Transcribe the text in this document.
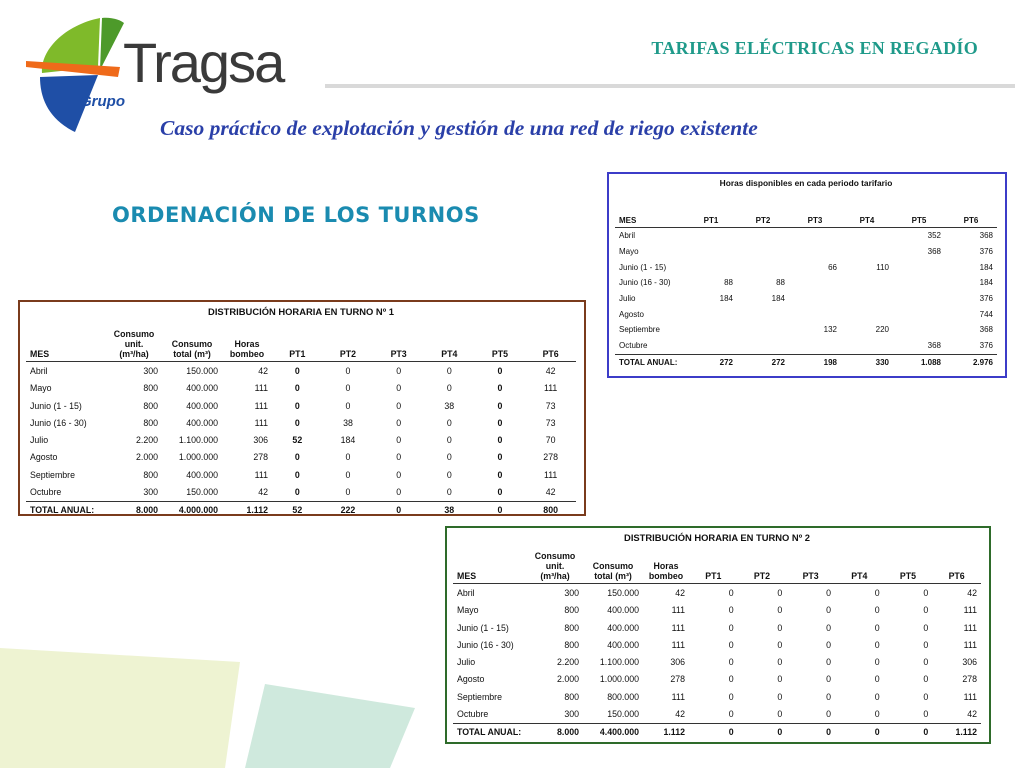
Tragsa
Grupo
TARIFAS ELÉCTRICAS EN REGADÍO
Caso práctico de explotación y gestión de una red de riego existente
ORDENACIÓN DE LOS TURNOS
DISTRIBUCIÓN HORARIA EN TURNO Nº 1
MES	Consumo unit. (m³/ha)	Consumo total (m³)	Horas bombeo	PT1	PT2	PT3	PT4	PT5	PT6
Abril	300	150.000	42	0	0	0	0	0	42
Mayo	800	400.000	111	0	0	0	0	0	111
Junio (1 - 15)	800	400.000	111	0	0	0	38	0	73
Junio (16 - 30)	800	400.000	111	0	38	0	0	0	73
Julio	2.200	1.100.000	306	52	184	0	0	0	70
Agosto	2.000	1.000.000	278	0	0	0	0	0	278
Septiembre	800	400.000	111	0	0	0	0	0	111
Octubre	300	150.000	42	0	0	0	0	0	42
TOTAL ANUAL:	8.000	4.000.000	1.112	52	222	0	38	0	800
Horas disponibles en cada periodo tarifario
MES	PT1	PT2	PT3	PT4	PT5	PT6
Abril					352	368
Mayo					368	376
Junio (1 - 15)			66	110		184
Junio (16 - 30)	88	88				184
Julio	184	184				376
Agosto						744
Septiembre			132	220		368
Octubre					368	376
TOTAL ANUAL:	272	272	198	330	1.088	2.976
DISTRIBUCIÓN HORARIA EN TURNO Nº 2
MES	Consumo unit. (m³/ha)	Consumo total (m³)	Horas bombeo	PT1	PT2	PT3	PT4	PT5	PT6
Abril	300	150.000	42	0	0	0	0	0	42
Mayo	800	400.000	111	0	0	0	0	0	111
Junio (1 - 15)	800	400.000	111	0	0	0	0	0	111
Junio (16 - 30)	800	400.000	111	0	0	0	0	0	111
Julio	2.200	1.100.000	306	0	0	0	0	0	306
Agosto	2.000	1.000.000	278	0	0	0	0	0	278
Septiembre	800	800.000	111	0	0	0	0	0	111
Octubre	300	150.000	42	0	0	0	0	0	42
TOTAL ANUAL:	8.000	4.400.000	1.112	0	0	0	0	0	1.112
